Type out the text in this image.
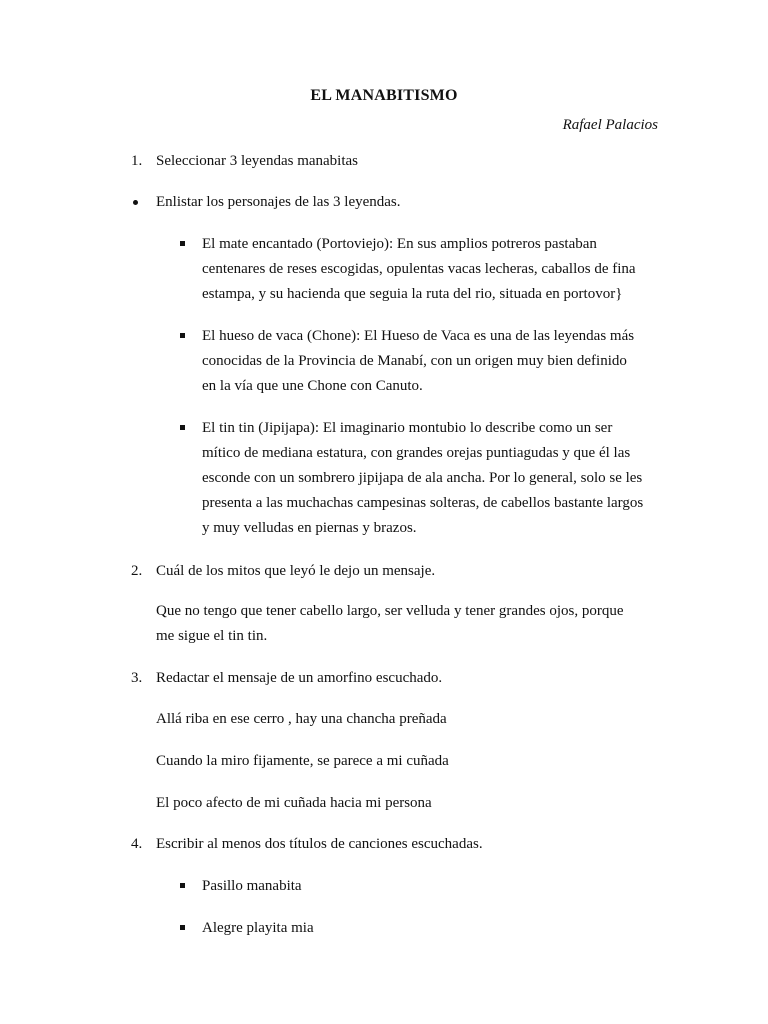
EL MANABITISMO
Rafael Palacios
1. Seleccionar 3 leyendas manabitas
Enlistar los personajes de las 3 leyendas.
El mate encantado (Portoviejo): En sus amplios potreros pastaban
centenares de reses escogidas, opulentas vacas lecheras, caballos de fina
estampa, y su hacienda que seguia la ruta del rio, situada en portovor}
El hueso de vaca (Chone): El Hueso de Vaca es una de las leyendas más
conocidas de la Provincia de Manabí, con un origen muy bien definido
en la vía que une Chone con Canuto.
El tin tin (Jipijapa): El imaginario montubio lo describe como un ser
mítico de mediana estatura, con grandes orejas puntiagudas y que él las
esconde con un sombrero jipijapa de ala ancha. Por lo general, solo se les
presenta a las muchachas campesinas solteras, de cabellos bastante largos
y muy velludas en piernas y brazos.
2. Cuál de los mitos que leyó le dejo un mensaje.
Que no tengo que tener cabello largo, ser velluda y tener grandes ojos, porque
me sigue el tin tin.
3. Redactar el mensaje de un amorfino escuchado.
Allá riba en ese cerro , hay una chancha preñada
Cuando la miro fijamente, se parece a mi cuñada
El poco afecto de mi cuñada hacia mi persona
4. Escribir al menos dos títulos de canciones escuchadas.
Pasillo manabita
Alegre playita mia
